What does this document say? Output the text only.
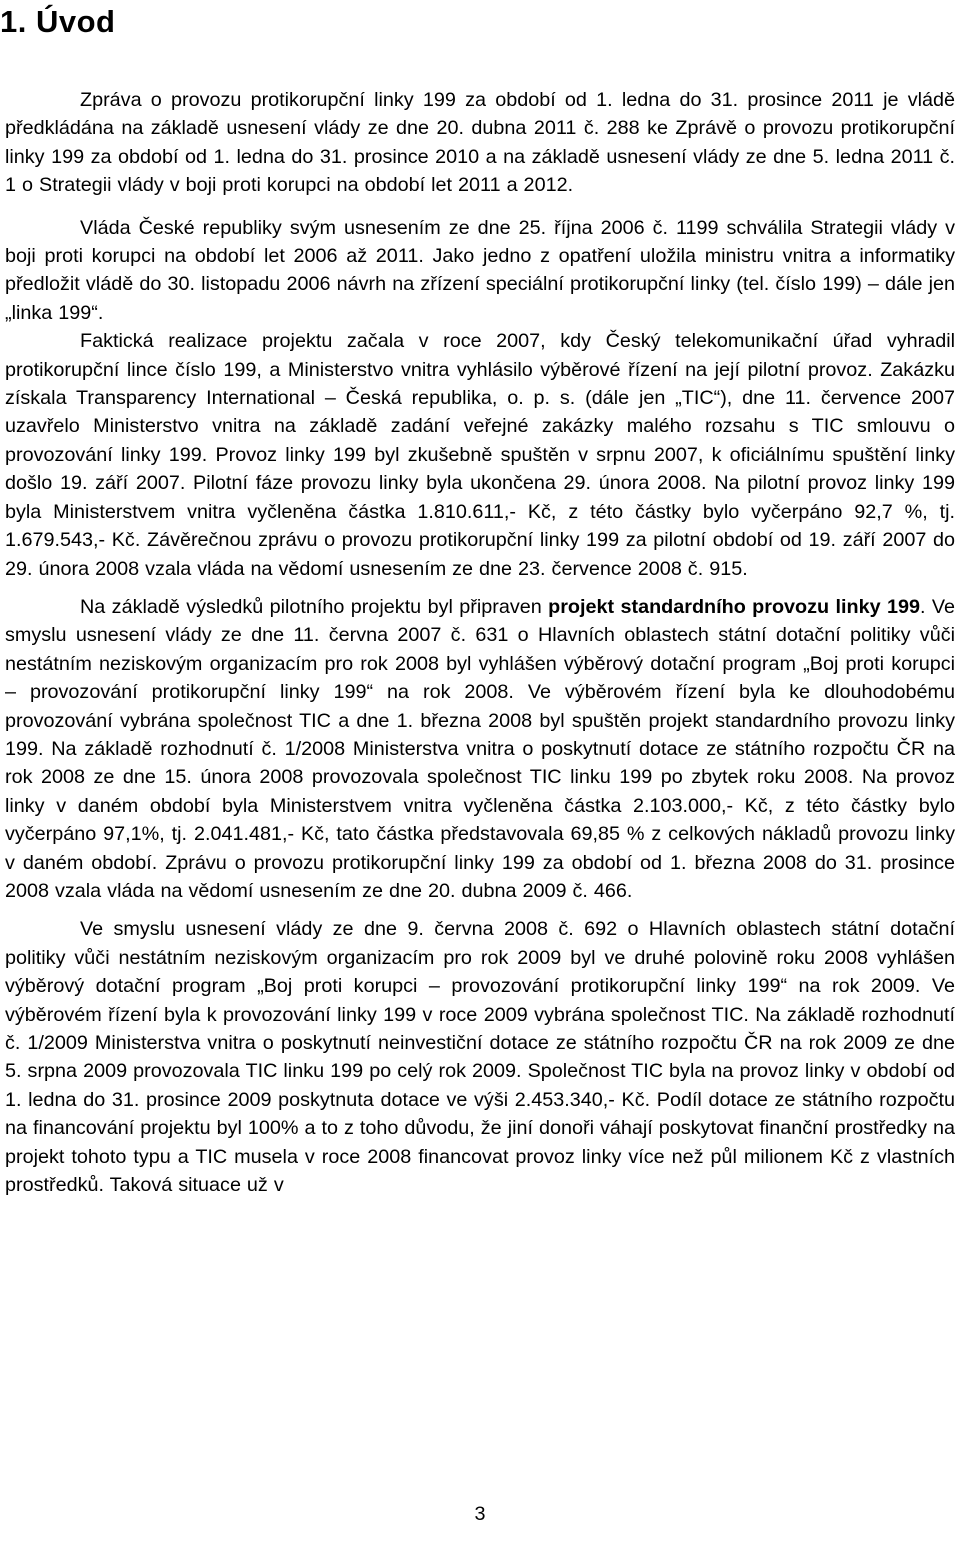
1. Úvod

Zpráva o provozu protikorupční linky 199 za období od 1. ledna do 31. prosince 2011 je vládě předkládána na základě usnesení vlády ze dne 20. dubna 2011 č. 288 ke Zprávě o provozu protikorupční linky 199 za období od 1. ledna do 31. prosince 2010 a na základě usnesení vlády ze dne 5. ledna 2011 č. 1 o Strategii vlády v boji proti korupci na období let 2011 a 2012.

Vláda České republiky svým usnesením ze dne 25. října 2006 č. 1199 schválila Strategii vlády v boji proti korupci na období let 2006 až 2011. Jako jedno z opatření uložila ministru vnitra a informatiky předložit vládě do 30. listopadu 2006 návrh na zřízení speciální protikorupční linky (tel. číslo 199) – dále jen „linka 199“.

Faktická realizace projektu začala v roce 2007, kdy Český telekomunikační úřad vyhradil protikorupční lince číslo 199, a Ministerstvo vnitra vyhlásilo výběrové řízení na její pilotní provoz. Zakázku získala Transparency International – Česká republika, o. p. s. (dále jen „TIC“), dne 11. července 2007 uzavřelo Ministerstvo vnitra na základě zadání veřejné zakázky malého rozsahu s TIC smlouvu o provozování linky 199. Provoz linky 199 byl zkušebně spuštěn v srpnu 2007, k oficiálnímu spuštění linky došlo 19. září 2007. Pilotní fáze provozu linky byla ukončena 29. února 2008. Na pilotní provoz linky 199 byla Ministerstvem vnitra vyčleněna částka 1.810.611,- Kč, z této částky bylo vyčerpáno 92,7 %, tj. 1.679.543,- Kč. Závěrečnou zprávu o provozu protikorupční linky 199 za pilotní období od 19. září 2007 do 29. února 2008 vzala vláda na vědomí usnesením ze dne 23. července 2008 č. 915.

Na základě výsledků pilotního projektu byl připraven projekt standardního provozu linky 199. Ve smyslu usnesení vlády ze dne 11. června 2007 č. 631 o Hlavních oblastech státní dotační politiky vůči nestátním neziskovým organizacím pro rok 2008 byl vyhlášen výběrový dotační program „Boj proti korupci – provozování protikorupční linky 199“ na rok 2008. Ve výběrovém řízení byla ke dlouhodobému provozování vybrána společnost TIC a dne 1. března 2008 byl spuštěn projekt standardního provozu linky 199. Na základě rozhodnutí č. 1/2008 Ministerstva vnitra o poskytnutí dotace ze státního rozpočtu ČR na rok 2008 ze dne 15. února 2008 provozovala společnost TIC linku 199 po zbytek roku 2008. Na provoz linky v daném období byla Ministerstvem vnitra vyčleněna částka 2.103.000,- Kč, z této částky bylo vyčerpáno 97,1%, tj. 2.041.481,- Kč, tato částka představovala 69,85 % z celkových nákladů provozu linky v daném období. Zprávu o provozu protikorupční linky 199 za období od 1. března 2008 do 31. prosince 2008 vzala vláda na vědomí usnesením ze dne 20. dubna 2009 č. 466.

Ve smyslu usnesení vlády ze dne 9. června 2008 č. 692 o Hlavních oblastech státní dotační politiky vůči nestátním neziskovým organizacím pro rok 2009 byl ve druhé polovině roku 2008 vyhlášen výběrový dotační program „Boj proti korupci – provozování protikorupční linky 199“ na rok 2009. Ve výběrovém řízení byla k provozování linky 199 v roce 2009 vybrána společnost TIC. Na základě rozhodnutí č. 1/2009 Ministerstva vnitra o poskytnutí neinvestiční dotace ze státního rozpočtu ČR na rok 2009 ze dne 5. srpna 2009 provozovala TIC linku 199 po celý rok 2009. Společnost TIC byla na provoz linky v období od 1. ledna do 31. prosince 2009 poskytnuta dotace ve výši 2.453.340,- Kč. Podíl dotace ze státního rozpočtu na financování projektu byl 100% a to z toho důvodu, že jiní donoři váhají poskytovat finanční prostředky na projekt tohoto typu a TIC musela v roce 2008 financovat provoz linky více než půl milionem Kč z vlastních prostředků. Taková situace už v

3
